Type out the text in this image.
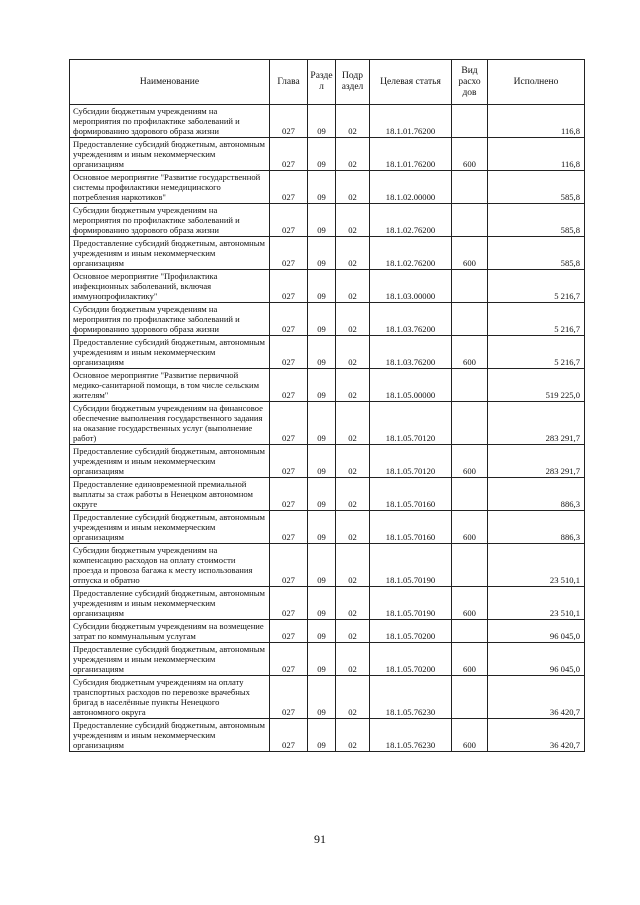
Наименование	Глава	Разде л	Подр аздел	Целевая статья	Вид расхо дов	Исполнено
Субсидии бюджетным учреждениям на мероприятия по профилактике заболеваний и формированию здорового образа жизни	027	09	02	18.1.01.76200		116,8
Предоставление субсидий бюджетным, автономным учреждениям и иным некоммерческим организациям	027	09	02	18.1.01.76200	600	116,8
Основное мероприятие "Развитие государственной системы профилактики немедицинского потребления наркотиков"	027	09	02	18.1.02.00000		585,8
Субсидии бюджетным учреждениям на мероприятия по профилактике заболеваний и формированию здорового образа жизни	027	09	02	18.1.02.76200		585,8
Предоставление субсидий бюджетным, автономным учреждениям и иным некоммерческим организациям	027	09	02	18.1.02.76200	600	585,8
Основное мероприятие "Профилактика инфекционных заболеваний, включая иммунопрофилактику"	027	09	02	18.1.03.00000		5 216,7
Субсидии бюджетным учреждениям на мероприятия по профилактике заболеваний и формированию здорового образа жизни	027	09	02	18.1.03.76200		5 216,7
Предоставление субсидий бюджетным, автономным учреждениям и иным некоммерческим организациям	027	09	02	18.1.03.76200	600	5 216,7
Основное мероприятие "Развитие первичной медико-санитарной помощи, в том числе сельским жителям"	027	09	02	18.1.05.00000		519 225,0
Субсидии бюджетным учреждениям на финансовое обеспечение выполнения государственного задания на оказание государственных услуг (выполнение работ)	027	09	02	18.1.05.70120		283 291,7
Предоставление субсидий бюджетным, автономным учреждениям и иным некоммерческим организациям	027	09	02	18.1.05.70120	600	283 291,7
Предоставление единовременной премиальной выплаты за стаж работы в Ненецком автономном округе	027	09	02	18.1.05.70160		886,3
Предоставление субсидий бюджетным, автономным учреждениям и иным некоммерческим организациям	027	09	02	18.1.05.70160	600	886,3
Субсидии бюджетным учреждениям на компенсацию расходов на оплату стоимости проезда и провоза багажа к месту использования отпуска и обратно	027	09	02	18.1.05.70190		23 510,1
Предоставление субсидий бюджетным, автономным учреждениям и иным некоммерческим организациям	027	09	02	18.1.05.70190	600	23 510,1
Субсидии бюджетным учреждениям на возмещение затрат по коммунальным услугам	027	09	02	18.1.05.70200		96 045,0
Предоставление субсидий бюджетным, автономным учреждениям и иным некоммерческим организациям	027	09	02	18.1.05.70200	600	96 045,0
Субсидия бюджетным учреждениям на оплату транспортных расходов по перевозке врачебных бригад в населённые пункты Ненецкого автономного округа	027	09	02	18.1.05.76230		36 420,7
Предоставление субсидий бюджетным, автономным учреждениям и иным некоммерческим организациям	027	09	02	18.1.05.76230	600	36 420,7
91
